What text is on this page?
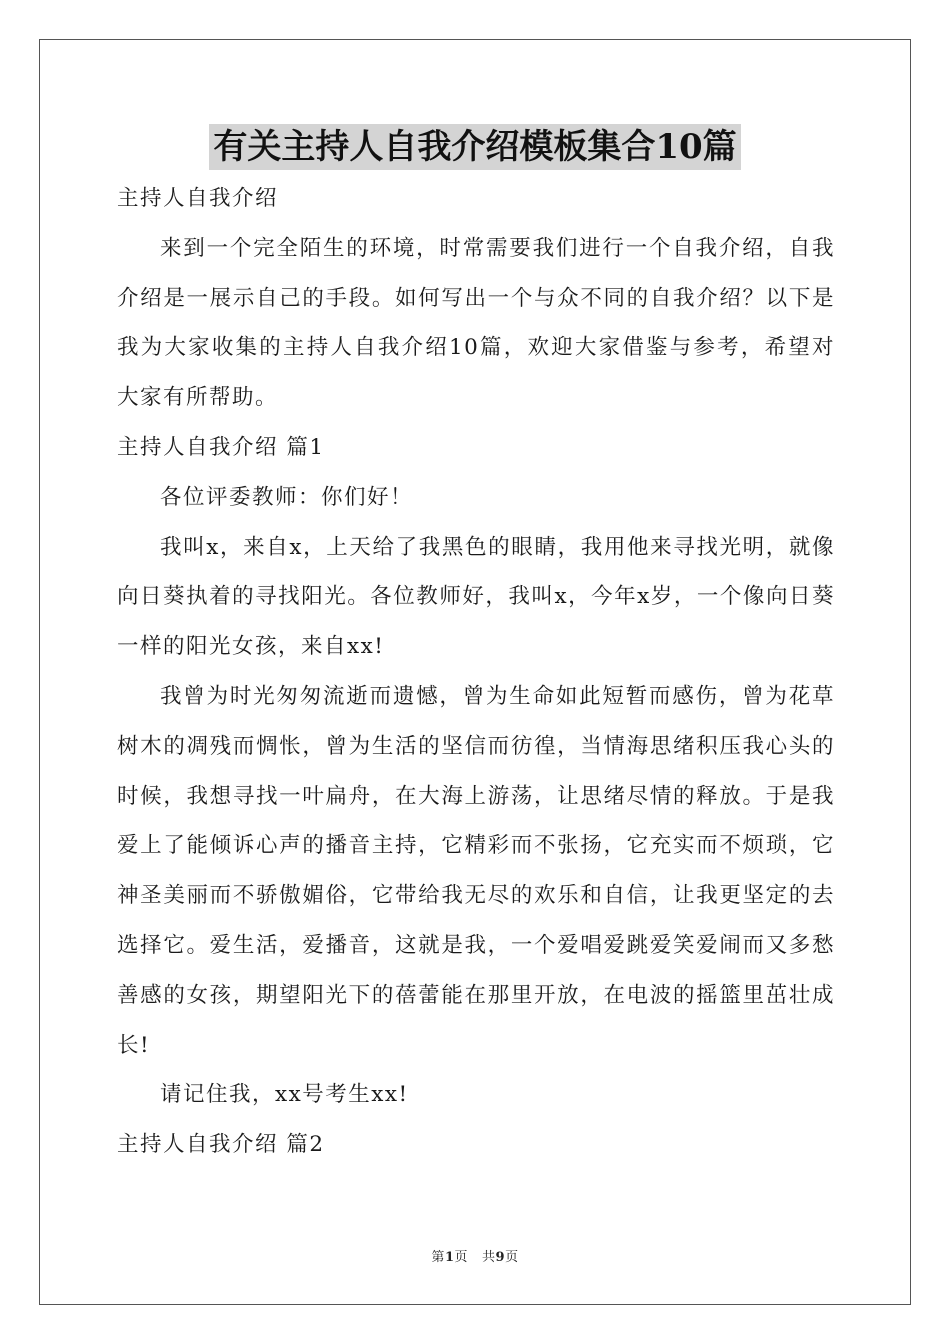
有关主持人自我介绍模板集合10篇

主持人自我介绍

来到一个完全陌生的环境，时常需要我们进行一个自我介绍，自我介绍是一展示自己的手段。如何写出一个与众不同的自我介绍？以下是我为大家收集的主持人自我介绍10篇，欢迎大家借鉴与参考，希望对大家有所帮助。

主持人自我介绍 篇1

各位评委教师：你们好！

我叫x，来自x，上天给了我黑色的眼睛，我用他来寻找光明，就像向日葵执着的寻找阳光。各位教师好，我叫x，今年x岁，一个像向日葵一样的阳光女孩，来自xx!

我曾为时光匆匆流逝而遗憾，曾为生命如此短暂而感伤，曾为花草树木的凋残而惆怅，曾为生活的坚信而彷徨，当情海思绪积压我心头的时候，我想寻找一叶扁舟，在大海上游荡，让思绪尽情的释放。于是我爱上了能倾诉心声的播音主持，它精彩而不张扬，它充实而不烦琐，它神圣美丽而不骄傲媚俗，它带给我无尽的欢乐和自信，让我更坚定的去选择它。爱生活，爱播音，这就是我，一个爱唱爱跳爱笑爱闹而又多愁善感的女孩，期望阳光下的蓓蕾能在那里开放，在电波的摇篮里茁壮成长!

请记住我，xx号考生xx!

主持人自我介绍 篇2

第1页 共9页
